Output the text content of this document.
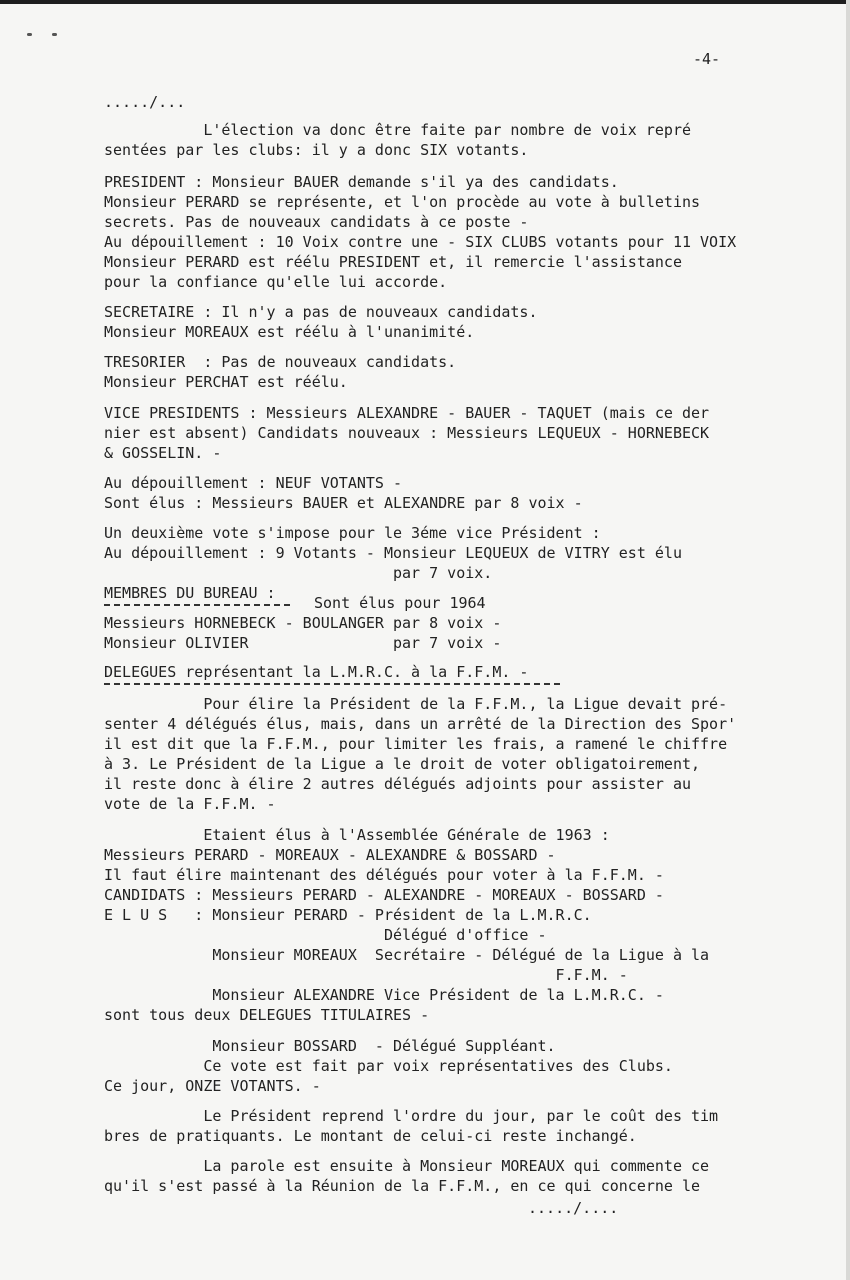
-4-
...../...
L'élection va donc être faite par nombre de voix repré
sentées par les clubs: il y a donc SIX votants.
PRESIDENT : Monsieur BAUER demande s'il ya des candidats.
Monsieur PERARD se représente, et l'on procède au vote à bulletins
secrets. Pas de nouveaux candidats à ce poste -
Au dépouillement : 10 Voix contre une - SIX CLUBS votants pour 11 VOIX
Monsieur PERARD est réélu PRESIDENT et, il remercie l'assistance
pour la confiance qu'elle lui accorde.
SECRETAIRE : Il n'y a pas de nouveaux candidats.
Monsieur MOREAUX est réélu à l'unanimité.
TRESORIER  : Pas de nouveaux candidats.
Monsieur PERCHAT est réélu.
VICE PRESIDENTS : Messieurs ALEXANDRE - BAUER - TAQUET (mais ce der
nier est absent) Candidats nouveaux : Messieurs LEQUEUX - HORNEBECK
& GOSSELIN. -
Au dépouillement : NEUF VOTANTS -
Sont élus : Messieurs BAUER et ALEXANDRE par 8 voix -
Un deuxième vote s'impose pour le 3éme vice Président :
Au dépouillement : 9 Votants - Monsieur LEQUEUX de VITRY est élu
par 7 voix.
MEMBRES DU BUREAU :
Sont élus pour 1964
Messieurs HORNEBECK - BOULANGER par 8 voix -
Monsieur OLIVIER                par 7 voix -
DELEGUES représentant la L.M.R.C. à la F.F.M. -
Pour élire la Président de la F.F.M., la Ligue devait pré-
senter 4 délégués élus, mais, dans un arrêté de la Direction des Spor'
il est dit que la F.F.M., pour limiter les frais, a ramené le chiffre
à 3. Le Président de la Ligue a le droit de voter obligatoirement,
il reste donc à élire 2 autres délégués adjoints pour assister au
vote de la F.F.M. -
Etaient élus à l'Assemblée Générale de 1963 :
Messieurs PERARD - MOREAUX - ALEXANDRE & BOSSARD -
Il faut élire maintenant des délégués pour voter à la F.F.M. -
CANDIDATS : Messieurs PERARD - ALEXANDRE - MOREAUX - BOSSARD -
E L U S   : Monsieur PERARD - Président de la L.M.R.C.
Délégué d'office -
Monsieur MOREAUX  Secrétaire - Délégué de la Ligue à la
F.F.M. -
Monsieur ALEXANDRE Vice Président de la L.M.R.C. -
sont tous deux DELEGUES TITULAIRES -
Monsieur BOSSARD  - Délégué Suppléant.
Ce vote est fait par voix représentatives des Clubs.
Ce jour, ONZE VOTANTS. -
Le Président reprend l'ordre du jour, par le coût des tim
bres de pratiquants. Le montant de celui-ci reste inchangé.
La parole est ensuite à Monsieur MOREAUX qui commente ce
qu'il s'est passé à la Réunion de la F.F.M., en ce qui concerne le
...../....
